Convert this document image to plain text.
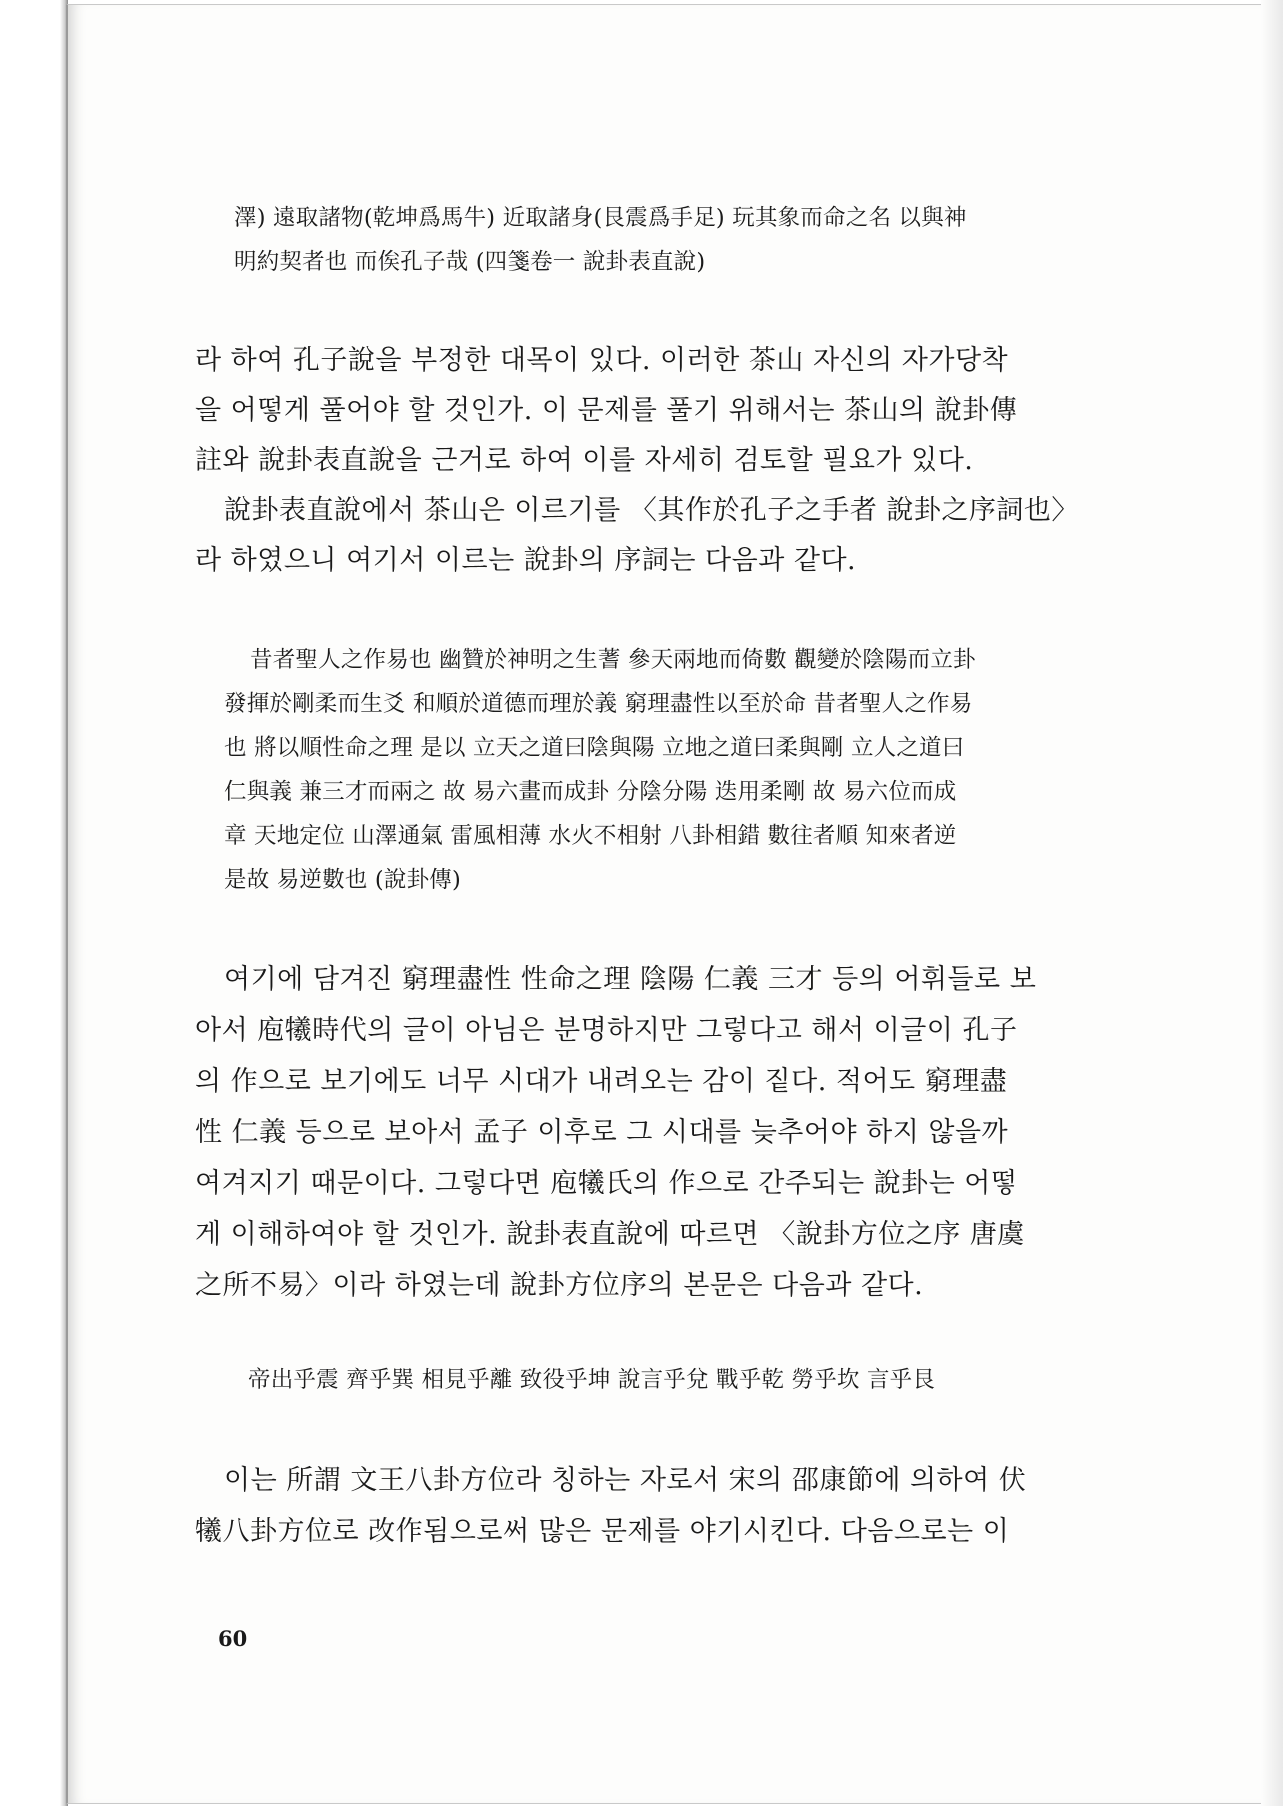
澤) 遠取諸物(乾坤爲馬牛) 近取諸身(艮震爲手足) 玩其象而命之名 以與神
明約契者也 而俟孔子哉 (四箋卷一 說卦表直說)
라 하여 孔子說을 부정한 대목이 있다. 이러한 茶山 자신의 자가당착
을 어떻게 풀어야 할 것인가. 이 문제를 풀기 위해서는 茶山의 說卦傳
註와 說卦表直說을 근거로 하여 이를 자세히 검토할 필요가 있다.
說卦表直說에서 茶山은 이르기를 〈其作於孔子之手者 說卦之序詞也〉
라 하였으니 여기서 이르는 說卦의 序詞는 다음과 같다.
昔者聖人之作易也 幽贊於神明之生蓍 參天兩地而倚數 觀變於陰陽而立卦
發揮於剛柔而生爻 和順於道德而理於義 窮理盡性以至於命 昔者聖人之作易
也 將以順性命之理 是以 立天之道曰陰與陽 立地之道曰柔與剛 立人之道曰
仁與義 兼三才而兩之 故 易六畫而成卦 分陰分陽 迭用柔剛 故 易六位而成
章 天地定位 山澤通氣 雷風相薄 水火不相射 八卦相錯 數往者順 知來者逆
是故 易逆數也 (說卦傳)
여기에 담겨진 窮理盡性 性命之理 陰陽 仁義 三才 등의 어휘들로 보
아서 庖犧時代의 글이 아님은 분명하지만 그렇다고 해서 이글이 孔子
의 作으로 보기에도 너무 시대가 내려오는 감이 짙다. 적어도 窮理盡
性 仁義 등으로 보아서 孟子 이후로 그 시대를 늦추어야 하지 않을까
여겨지기 때문이다. 그렇다면 庖犧氏의 作으로 간주되는 說卦는 어떻
게 이해하여야 할 것인가. 說卦表直說에 따르면 〈說卦方位之序 唐虞
之所不易〉이라 하였는데 說卦方位序의 본문은 다음과 같다.
帝出乎震 齊乎巽 相見乎離 致役乎坤 說言乎兌 戰乎乾 勞乎坎 言乎艮
이는 所謂 文王八卦方位라 칭하는 자로서 宋의 邵康節에 의하여 伏
犧八卦方位로 改作됨으로써 많은 문제를 야기시킨다. 다음으로는 이
60
